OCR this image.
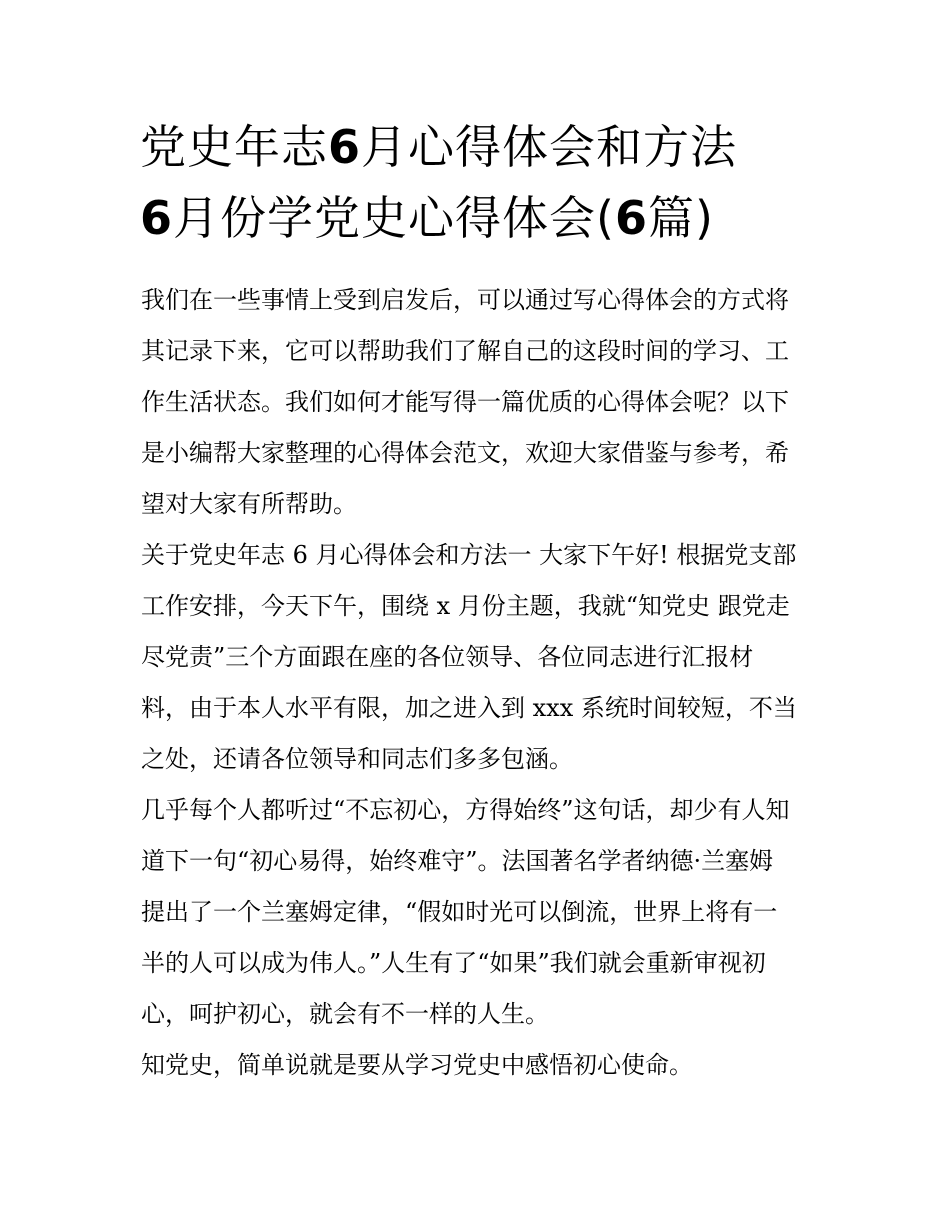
党史年志6月心得体会和方法
6月份学党史心得体会(6篇)

我们在一些事情上受到启发后，可以通过写心得体会的方式将
其记录下来，它可以帮助我们了解自己的这段时间的学习、工
作生活状态。我们如何才能写得一篇优质的心得体会呢？以下
是小编帮大家整理的心得体会范文，欢迎大家借鉴与参考，希
望对大家有所帮助。

关于党史年志 6 月心得体会和方法一 大家下午好! 根据党支部
工作安排，今天下午，围绕 x 月份主题，我就“知党史 跟党走
尽党责”三个方面跟在座的各位领导、各位同志进行汇报材
料，由于本人水平有限，加之进入到 xxx 系统时间较短，不当
之处，还请各位领导和同志们多多包涵。

几乎每个人都听过“不忘初心，方得始终”这句话，却少有人知
道下一句“初心易得，始终难守”。法国著名学者纳德·兰塞姆
提出了一个兰塞姆定律，“假如时光可以倒流，世界上将有一
半的人可以成为伟人。”人生有了“如果”我们就会重新审视初
心，呵护初心，就会有不一样的人生。

知党史，简单说就是要从学习党史中感悟初心使命。
